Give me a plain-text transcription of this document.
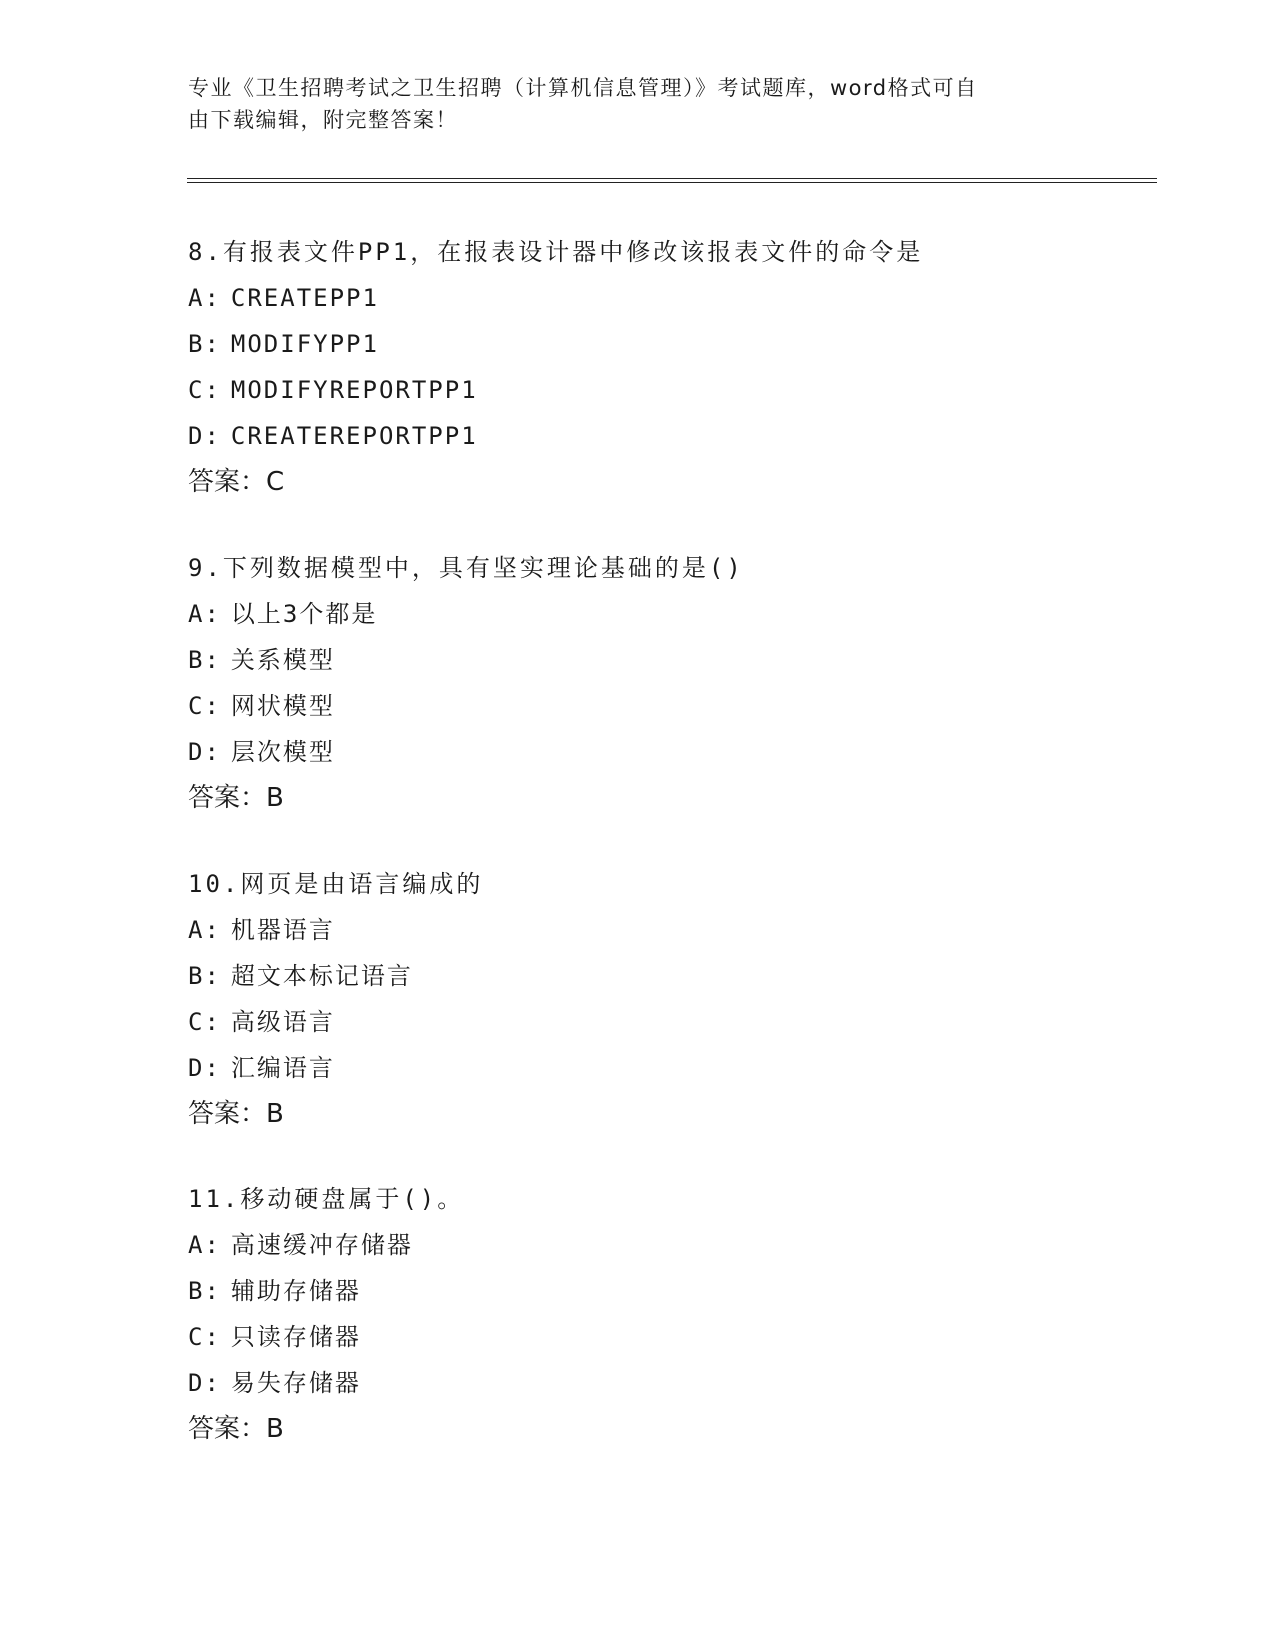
专业《卫生招聘考试之卫生招聘（计算机信息管理）》考试题库，word格式可自
由下载编辑，附完整答案！
8.有报表文件PP1，在报表设计器中修改该报表文件的命令是
A: CREATEPP1
B: MODIFYPP1
C: MODIFYREPORTPP1
D: CREATEREPORTPP1
答案：C
9.下列数据模型中，具有坚实理论基础的是()
A: 以上3个都是
B: 关系模型
C: 网状模型
D: 层次模型
答案：B
10.网页是由语言编成的
A: 机器语言
B: 超文本标记语言
C: 高级语言
D: 汇编语言
答案：B
11.移动硬盘属于()。
A: 高速缓冲存储器
B: 辅助存储器
C: 只读存储器
D: 易失存储器
答案：B
